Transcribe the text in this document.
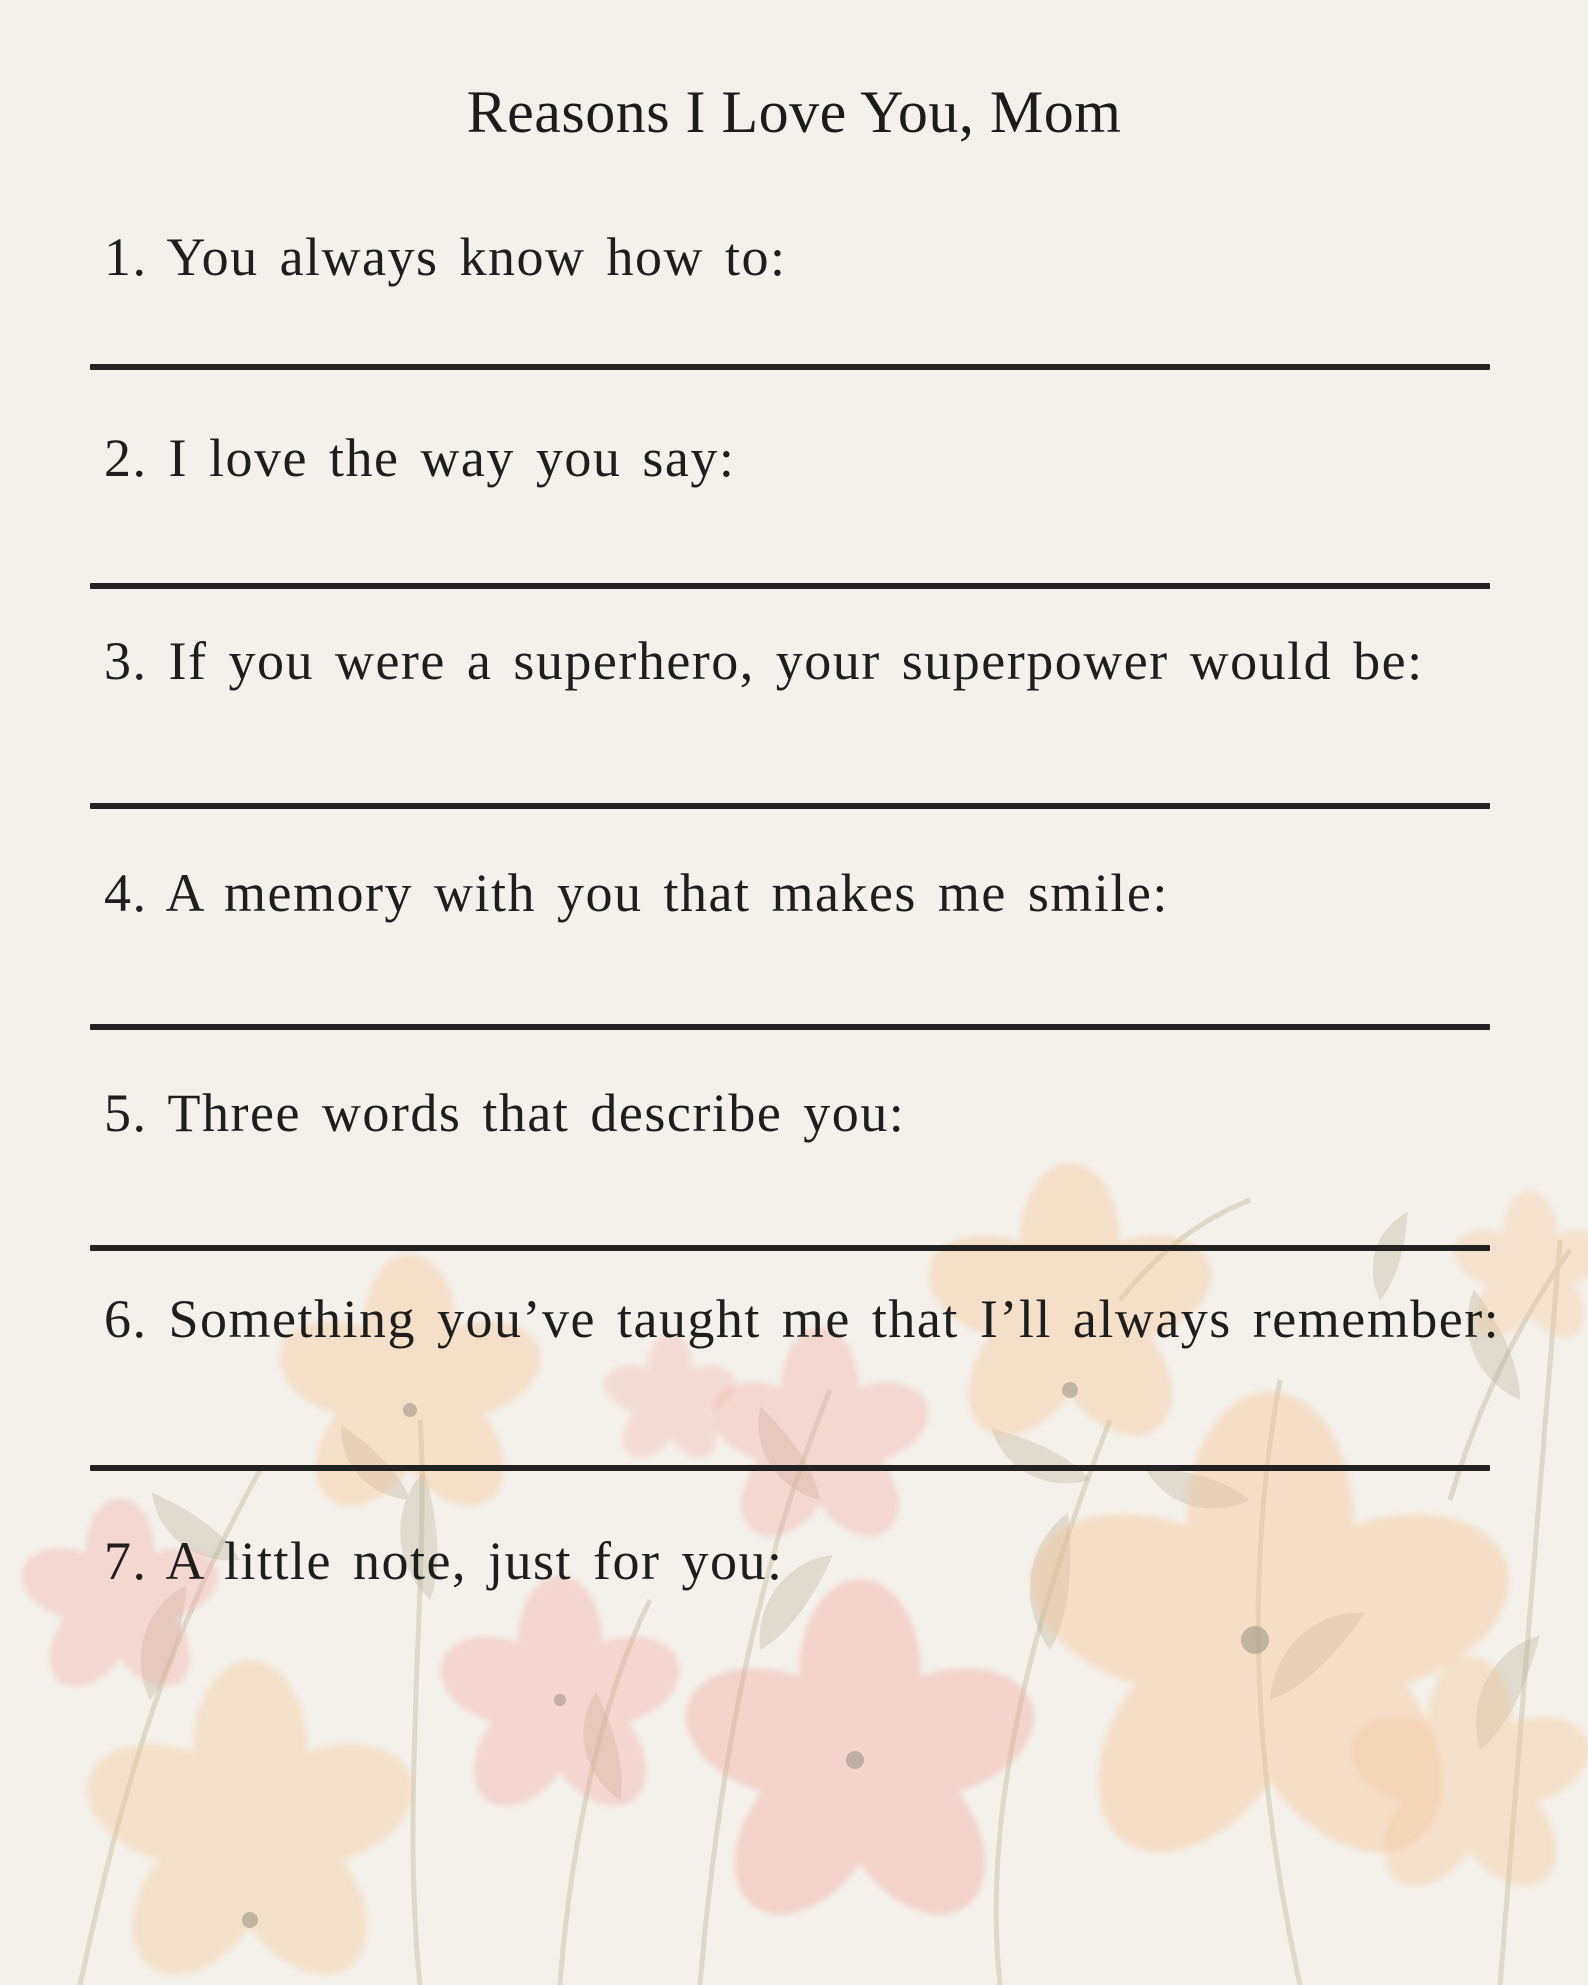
Reasons I Love You, Mom
1. You always know how to:
2. I love the way you say:
3. If you were a superhero, your superpower would be:
4. A memory with you that makes me smile:
5. Three words that describe you:
6. Something you’ve taught me that I’ll always remember:
7. A little note, just for you:
